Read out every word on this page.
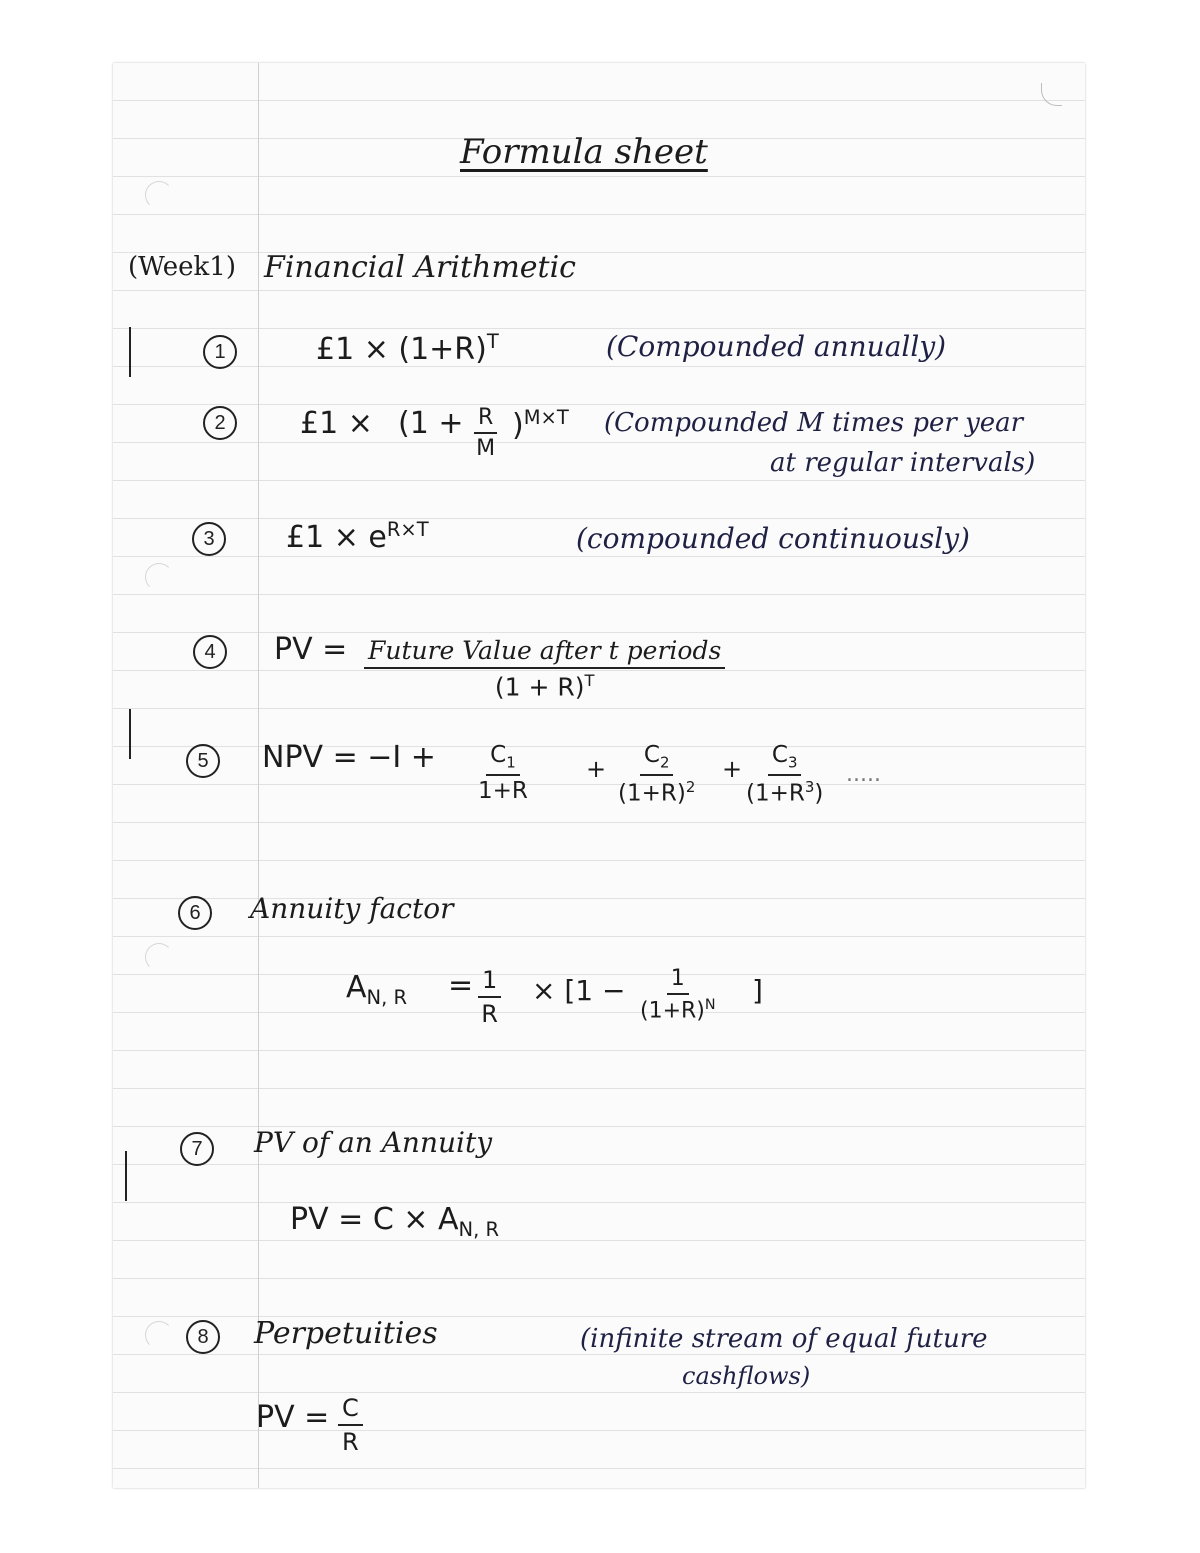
Formula sheet
(Week1) Financial Arithmetic
1	£1 × $(1+R)^T$	(Compounded annually)
2	£1 × $(1 + \frac{R}{M} )^{M\times T}$ (Compounded M times per year
at regular intervals)
3	£1 × $e^{R\times T}$	(compounded continuously)
4	PV = Future Value after t periods
$(1 + R)^T$
5	NPV = $-I + \frac{C_1}{1+R} + \frac{C_2}{(1+R)^2} + \frac{C_3}{(1+R^3)}$ .....
6	Annuity factor
$A_{N, R} = \frac{1}{R} \times [1 - \frac{1}{(1+R)^N}$ ]
7	PV of an Annuity
PV = $C \times A_{N, R}$
8	Perpetuities	(infinite stream of equal future
cashflows)
PV = $\frac{C}{R}$
